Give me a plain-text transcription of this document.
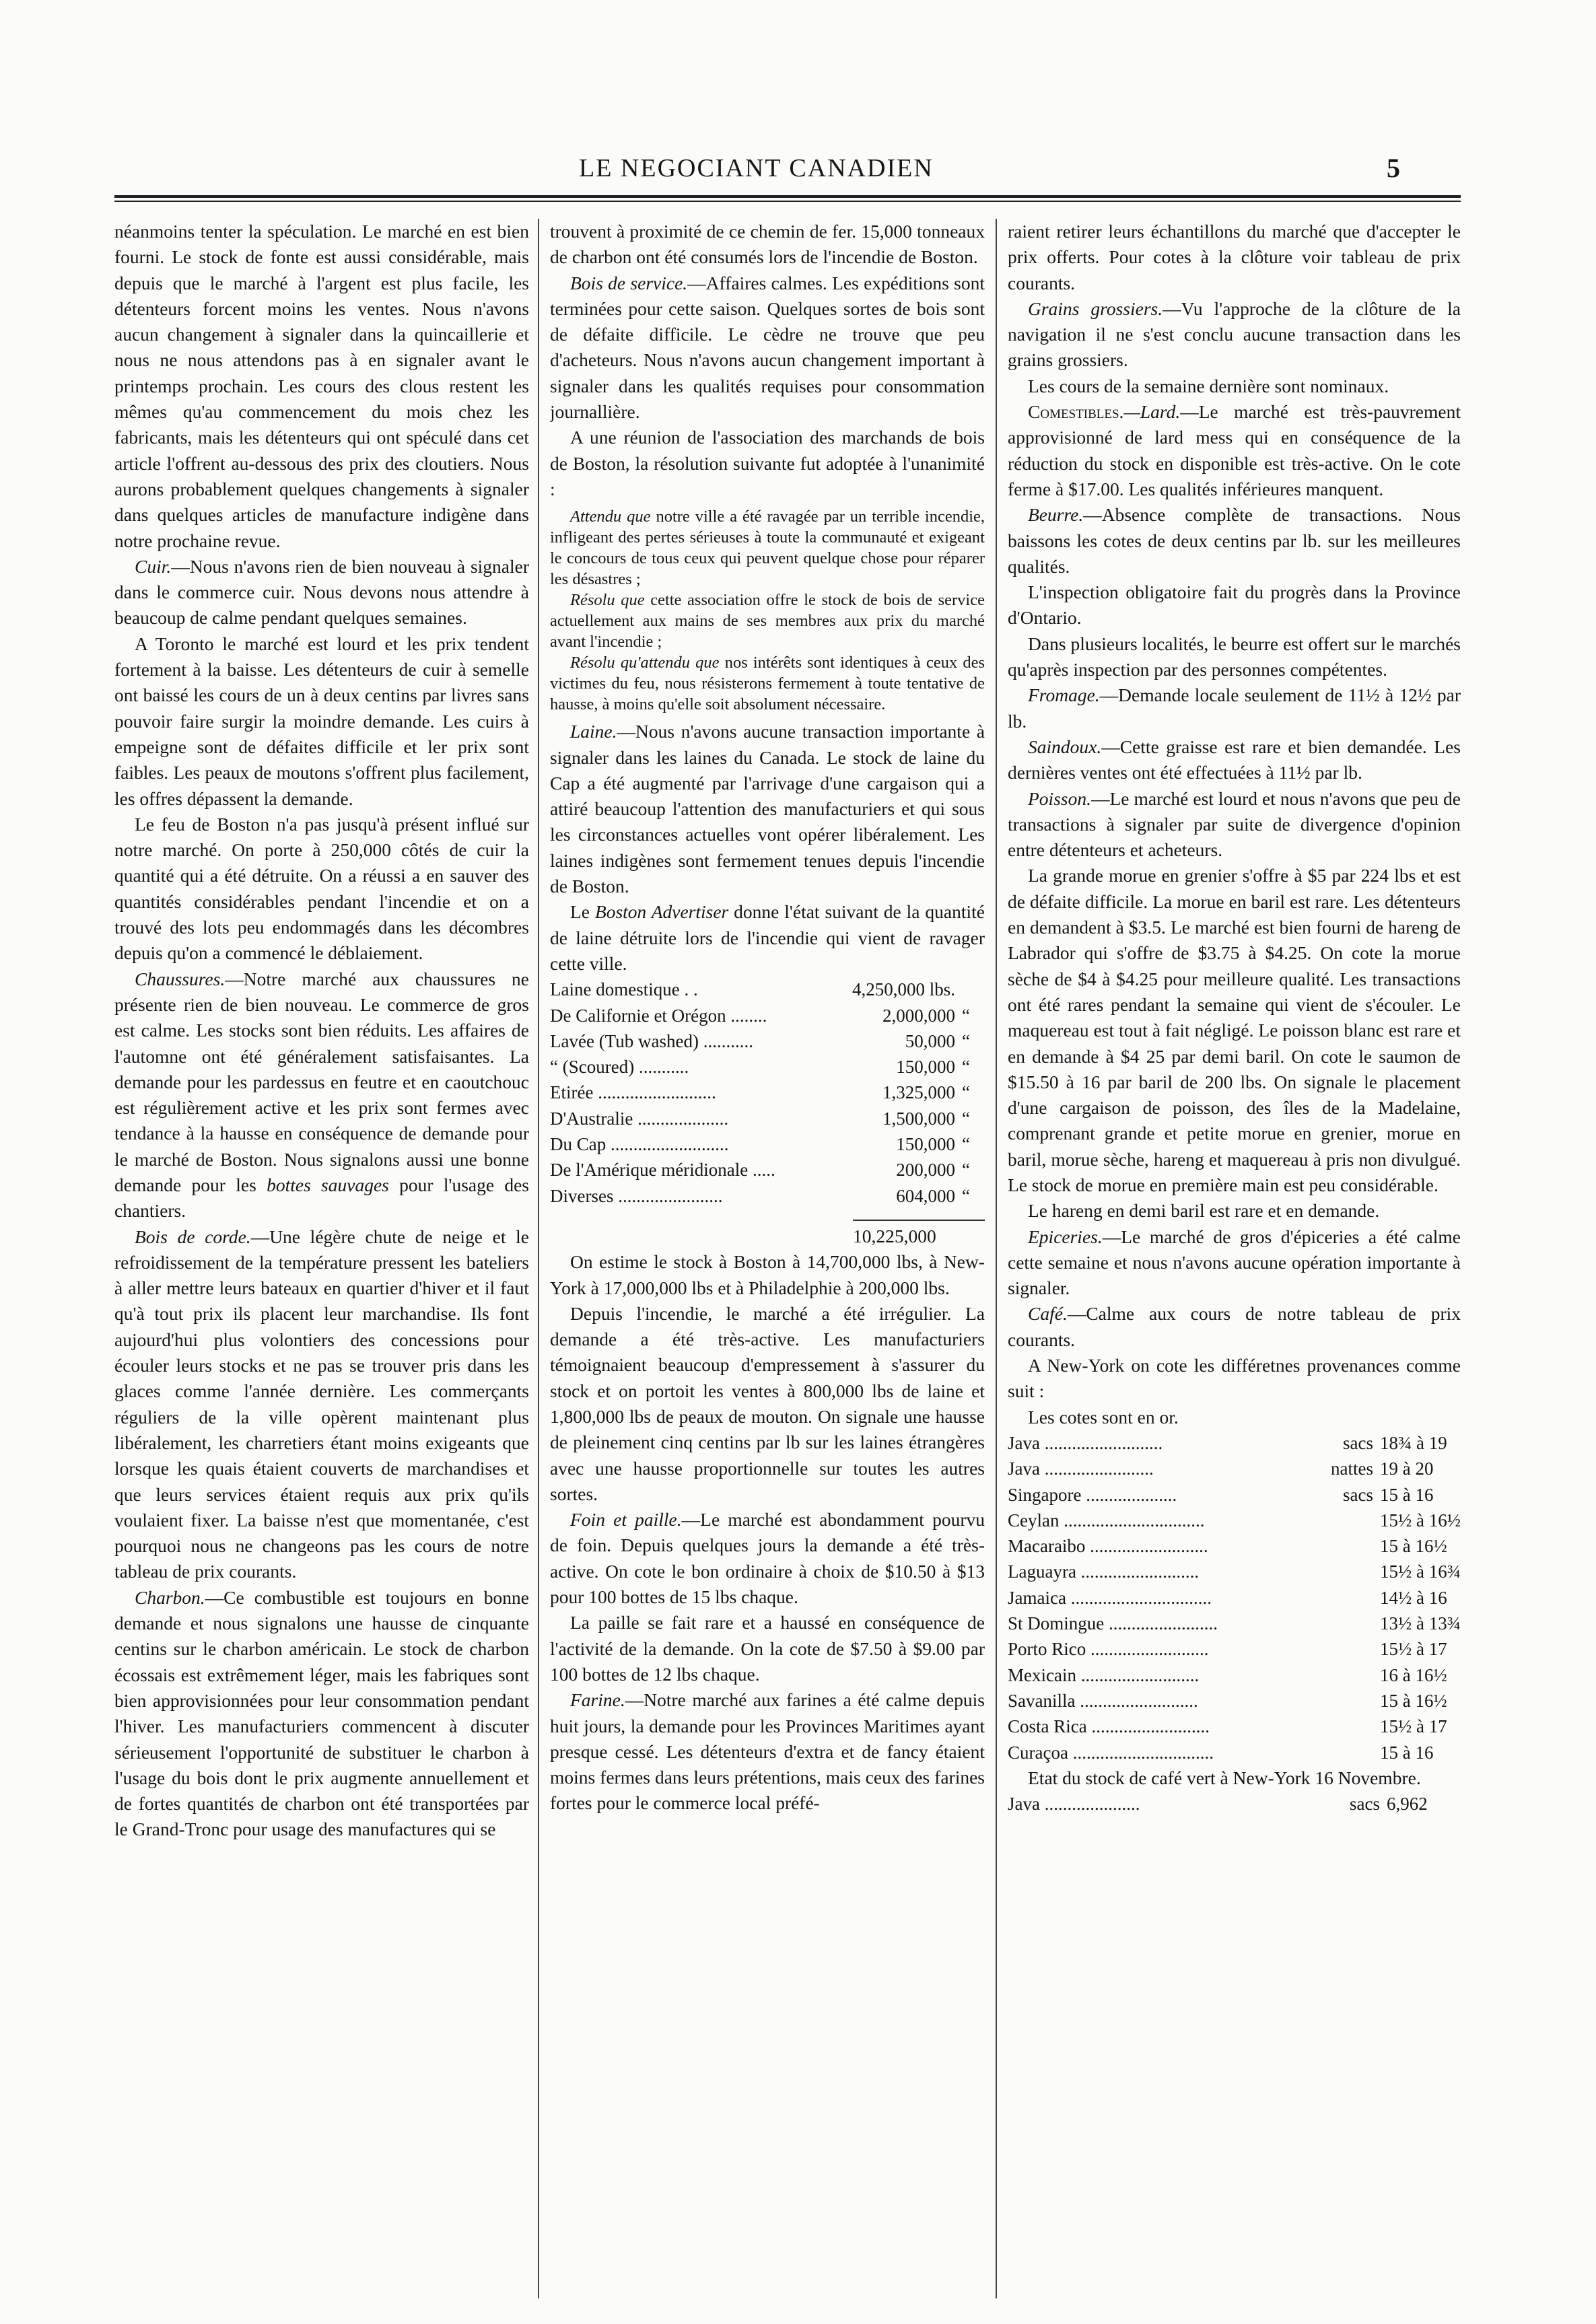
LE NEGOCIANT CANADIEN	5

néanmoins tenter la spéculation. Le marché en est bien fourni. Le stock de fonte est aussi considérable, mais depuis que le marché à l'argent est plus facile, les détenteurs forcent moins les ventes. Nous n'avons aucun changement à signaler dans la quincaillerie et nous ne nous attendons pas à en signaler avant le printemps prochain. Les cours des clous restent les mêmes qu'au commencement du mois chez les fabricants, mais les détenteurs qui ont spéculé dans cet article l'offrent au-dessous des prix des cloutiers. Nous aurons probablement quelques changements à signaler dans quelques articles de manufacture indigène dans notre prochaine revue.

Cuir.—Nous n'avons rien de bien nouveau à signaler dans le commerce cuir. Nous devons nous attendre à beaucoup de calme pendant quelques semaines.

A Toronto le marché est lourd et les prix tendent fortement à la baisse. Les détenteurs de cuir à semelle ont baissé les cours de un à deux centins par livres sans pouvoir faire surgir la moindre demande. Les cuirs à empeigne sont de défaites difficile et ler prix sont faibles. Les peaux de moutons s'offrent plus facilement, les offres dépassent la demande.

Le feu de Boston n'a pas jusqu'à présent influé sur notre marché. On porte à 250,000 côtés de cuir la quantité qui a été détruite. On a réussi a en sauver des quantités considérables pendant l'incendie et on a trouvé des lots peu endommagés dans les décombres depuis qu'on a commencé le déblaiement.

Chaussures.—Notre marché aux chaussures ne présente rien de bien nouveau. Le commerce de gros est calme. Les stocks sont bien réduits. Les affaires de l'automne ont été généralement satisfaisantes. La demande pour les pardessus en feutre et en caoutchouc est régulièrement active et les prix sont fermes avec tendance à la hausse en conséquence de demande pour le marché de Boston. Nous signalons aussi une bonne demande pour les bottes sauvages pour l'usage des chantiers.

Bois de corde.—Une légère chute de neige et le refroidissement de la température pressent les bateliers à aller mettre leurs bateaux en quartier d'hiver et il faut qu'à tout prix ils placent leur marchandise. Ils font aujourd'hui plus volontiers des concessions pour écouler leurs stocks et ne pas se trouver pris dans les glaces comme l'année dernière. Les commerçants réguliers de la ville opèrent maintenant plus libéralement, les charretiers étant moins exigeants que lorsque les quais étaient couverts de marchandises et que leurs services étaient requis aux prix qu'ils voulaient fixer. La baisse n'est que momentanée, c'est pourquoi nous ne changeons pas les cours de notre tableau de prix courants.

Charbon.—Ce combustible est toujours en bonne demande et nous signalons une hausse de cinquante centins sur le charbon américain. Le stock de charbon écossais est extrêmement léger, mais les fabriques sont bien approvisionnées pour leur consommation pendant l'hiver. Les manufacturiers commencent à discuter sérieusement l'opportunité de substituer le charbon à l'usage du bois dont le prix augmente annuellement et de fortes quantités de charbon ont été transportées par le Grand-Tronc pour usage des manufactures qui se

trouvent à proximité de ce chemin de fer. 15,000 tonneaux de charbon ont été consumés lors de l'incendie de Boston.

Bois de service.—Affaires calmes. Les expéditions sont terminées pour cette saison. Quelques sortes de bois sont de défaite difficile. Le cèdre ne trouve que peu d'acheteurs. Nous n'avons aucun changement important à signaler dans les qualités requises pour consommation journallière.

A une réunion de l'association des marchands de bois de Boston, la résolution suivante fut adoptée à l'unanimité :

Attendu que notre ville a été ravagée par un terrible incendie, infligeant des pertes sérieuses à toute la communauté et exigeant le concours de tous ceux qui peuvent quelque chose pour réparer les désastres ;

Résolu que cette association offre le stock de bois de service actuellement aux mains de ses membres aux prix du marché avant l'incendie ;

Résolu qu'attendu que nos intérêts sont identiques à ceux des victimes du feu, nous résisterons fermement à toute tentative de hausse, à moins qu'elle soit absolument nécessaire.

Laine.—Nous n'avons aucune transaction importante à signaler dans les laines du Canada. Le stock de laine du Cap a été augmenté par l'arrivage d'une cargaison qui a attiré beaucoup l'attention des manufacturiers et qui sous les circonstances actuelles vont opérer libéralement. Les laines indigènes sont fermement tenues depuis l'incendie de Boston.

Le Boston Advertiser donne l'état suivant de la quantité de laine détruite lors de l'incendie qui vient de ravager cette ville.

Laine domestique . .	4,250,000 lbs.	
De Californie et Orégon ........	2,000,000	“
Lavée (Tub washed) ...........	50,000	“
“ (Scoured) ...........	150,000	“
Etirée ..........................	1,325,000	“
D'Australie ....................	1,500,000	“
Du Cap ..........................	150,000	“
De l'Amérique méridionale .....	200,000	“
Diverses .......................	604,000	“
10,225,000

On estime le stock à Boston à 14,700,000 lbs, à New-York à 17,000,000 lbs et à Philadelphie à 200,000 lbs.

Depuis l'incendie, le marché a été irrégulier. La demande a été très-active. Les manufacturiers témoignaient beaucoup d'empressement à s'assurer du stock et on portoit les ventes à 800,000 lbs de laine et 1,800,000 lbs de peaux de mouton. On signale une hausse de pleinement cinq centins par lb sur les laines étrangères avec une hausse proportionnelle sur toutes les autres sortes.

Foin et paille.—Le marché est abondamment pourvu de foin. Depuis quelques jours la demande a été très-active. On cote le bon ordinaire à choix de $10.50 à $13 pour 100 bottes de 15 lbs chaque.

La paille se fait rare et a haussé en conséquence de l'activité de la demande. On la cote de $7.50 à $9.00 par 100 bottes de 12 lbs chaque.

Farine.—Notre marché aux farines a été calme depuis huit jours, la demande pour les Provinces Maritimes ayant presque cessé. Les détenteurs d'extra et de fancy étaient moins fermes dans leurs prétentions, mais ceux des farines fortes pour le commerce local préfé-

raient retirer leurs échantillons du marché que d'accepter le prix offerts. Pour cotes à la clôture voir tableau de prix courants.

Grains grossiers.—Vu l'approche de la clôture de la navigation il ne s'est conclu aucune transaction dans les grains grossiers.

Les cours de la semaine dernière sont nominaux.

Comestibles.—Lard.—Le marché est très-pauvrement approvisionné de lard mess qui en conséquence de la réduction du stock en disponible est très-active. On le cote ferme à $17.00. Les qualités inférieures manquent.

Beurre.—Absence complète de transactions. Nous baissons les cotes de deux centins par lb. sur les meilleures qualités.

L'inspection obligatoire fait du progrès dans la Province d'Ontario.

Dans plusieurs localités, le beurre est offert sur le marchés qu'après inspection par des personnes compétentes.

Fromage.—Demande locale seulement de 11½ à 12½ par lb.

Saindoux.—Cette graisse est rare et bien demandée. Les dernières ventes ont été effectuées à 11½ par lb.

Poisson.—Le marché est lourd et nous n'avons que peu de transactions à signaler par suite de divergence d'opinion entre détenteurs et acheteurs.

La grande morue en grenier s'offre à $5 par 224 lbs et est de défaite difficile. La morue en baril est rare. Les détenteurs en demandent à $3.5. Le marché est bien fourni de hareng de Labrador qui s'offre de $3.75 à $4.25. On cote la morue sèche de $4 à $4.25 pour meilleure qualité. Les transactions ont été rares pendant la semaine qui vient de s'écouler. Le maquereau est tout à fait négligé. Le poisson blanc est rare et en demande à $4 25 par demi baril. On cote le saumon de $15.50 à 16 par baril de 200 lbs. On signale le placement d'une cargaison de poisson, des îles de la Madelaine, comprenant grande et petite morue en grenier, morue en baril, morue sèche, hareng et maquereau à pris non divulgué. Le stock de morue en première main est peu considérable.

Le hareng en demi baril est rare et en demande.

Epiceries.—Le marché de gros d'épiceries a été calme cette semaine et nous n'avons aucune opération importante à signaler.

Café.—Calme aux cours de notre tableau de prix courants.

A New-York on cote les différetnes provenances comme suit :

Les cotes sont en or.

Java ..........................	sacs	18¾ à 19
Java ........................	nattes	19 à 20
Singapore ....................	sacs	15 à 16
Ceylan ...............................		15½ à 16½
Macaraibo ..........................		15 à 16½
Laguayra ..........................		15½ à 16¾
Jamaica ...............................		14½ à 16
St Domingue ........................		13½ à 13¾
Porto Rico ..........................		15½ à 17
Mexicain ..........................		16 à 16½
Savanilla ..........................		15 à 16½
Costa Rica ..........................		15½ à 17
Curaçoa ...............................		15 à 16

Etat du stock de café vert à New-York 16 Novembre.

Java .....................	sacs	6,962
